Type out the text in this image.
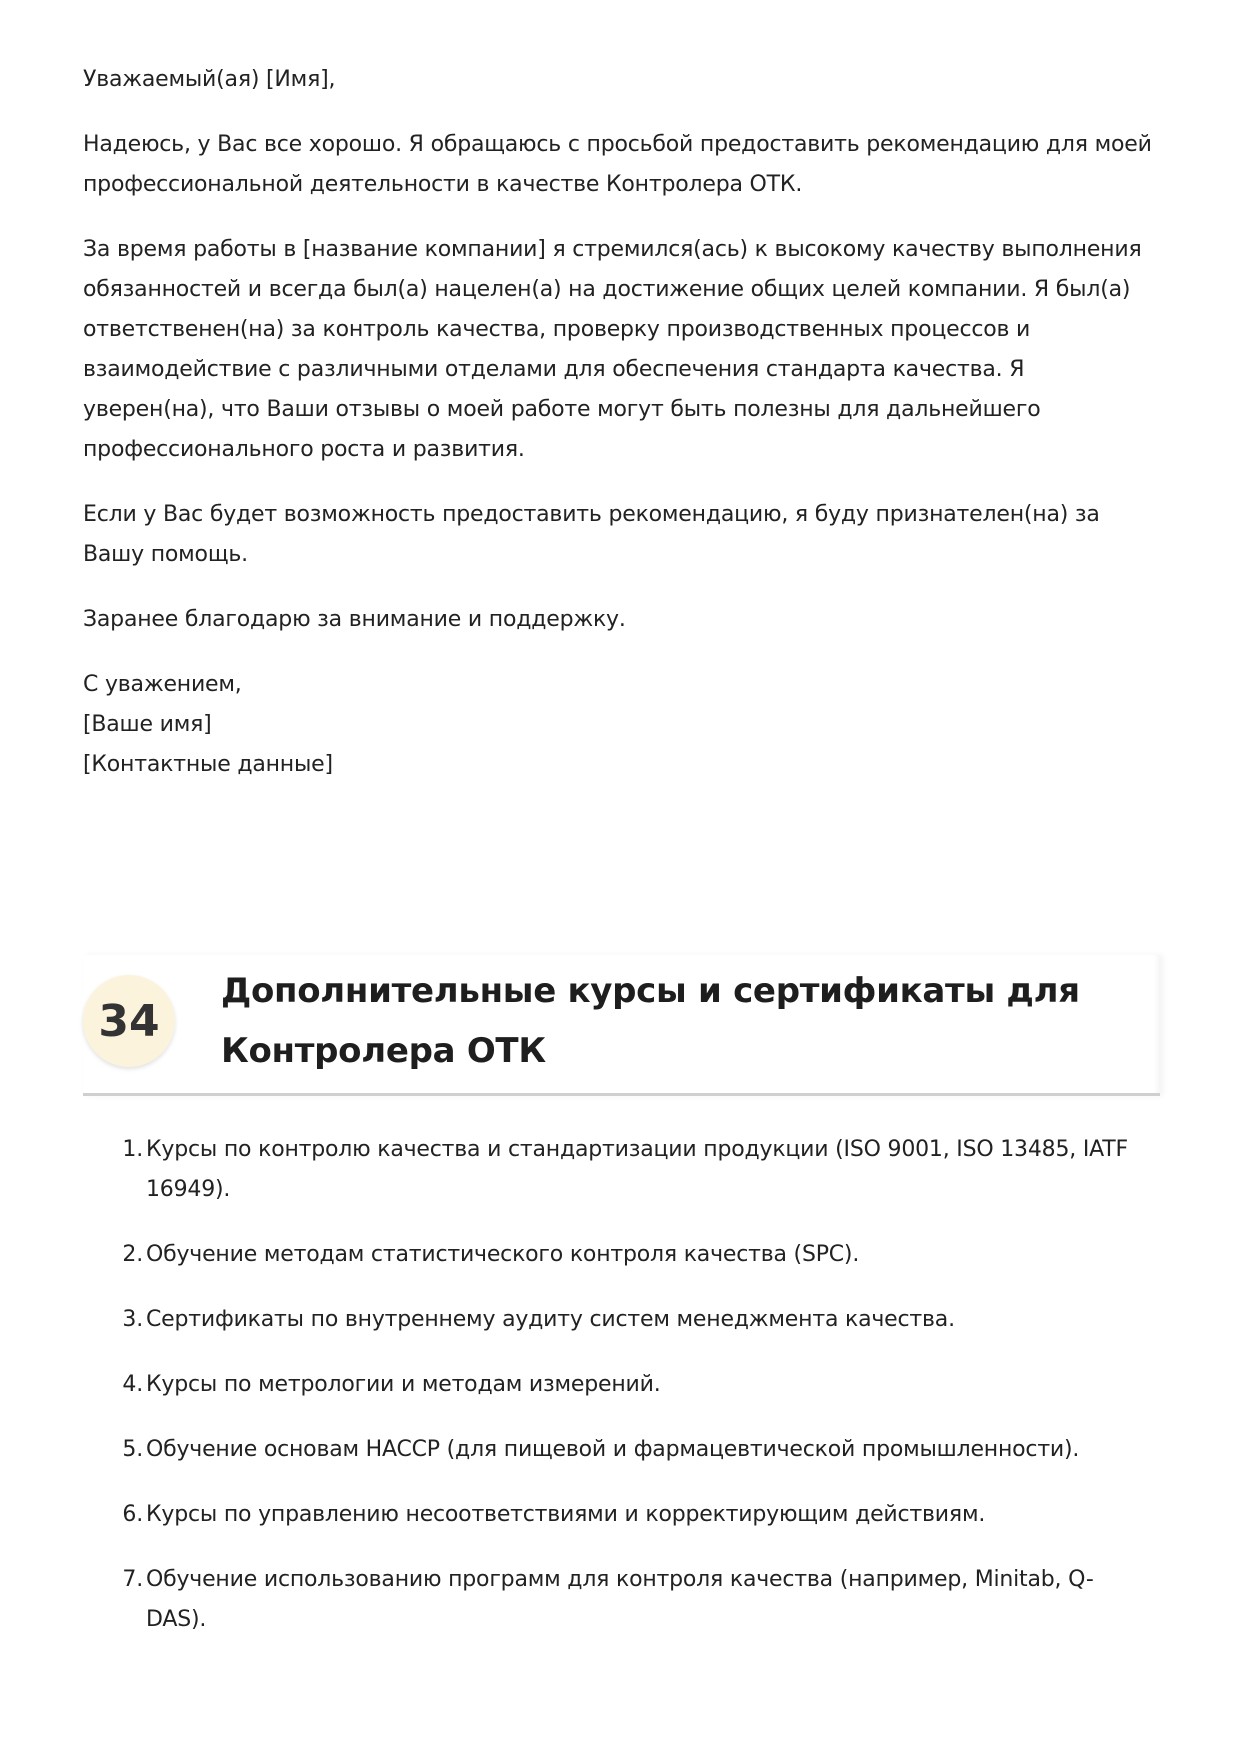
Уважаемый(ая) [Имя],

Надеюсь, у Вас все хорошо. Я обращаюсь с просьбой предоставить рекомендацию для моей профессиональной деятельности в качестве Контролера ОТК.

За время работы в [название компании] я стремился(ась) к высокому качеству выполнения обязанностей и всегда был(а) нацелен(а) на достижение общих целей компании. Я был(а) ответственен(на) за контроль качества, проверку производственных процессов и взаимодействие с различными отделами для обеспечения стандарта качества. Я уверен(на), что Ваши отзывы о моей работе могут быть полезны для дальнейшего профессионального роста и развития.

Если у Вас будет возможность предоставить рекомендацию, я буду признателен(на) за Вашу помощь.

Заранее благодарю за внимание и поддержку.

С уважением,

[Ваше имя]

[Контактные данные]

34
Дополнительные курсы и сертификаты для Контролера ОТК
1. Курсы по контролю качества и стандартизации продукции (ISO 9001, ISO 13485, IATF 16949).
2. Обучение методам статистического контроля качества (SPC).
3. Сертификаты по внутреннему аудиту систем менеджмента качества.
4. Курсы по метрологии и методам измерений.
5. Обучение основам HACCP (для пищевой и фармацевтической промышленности).
6. Курсы по управлению несоответствиями и корректирующим действиям.
7. Обучение использованию программ для контроля качества (например, Minitab, Q-DAS).
